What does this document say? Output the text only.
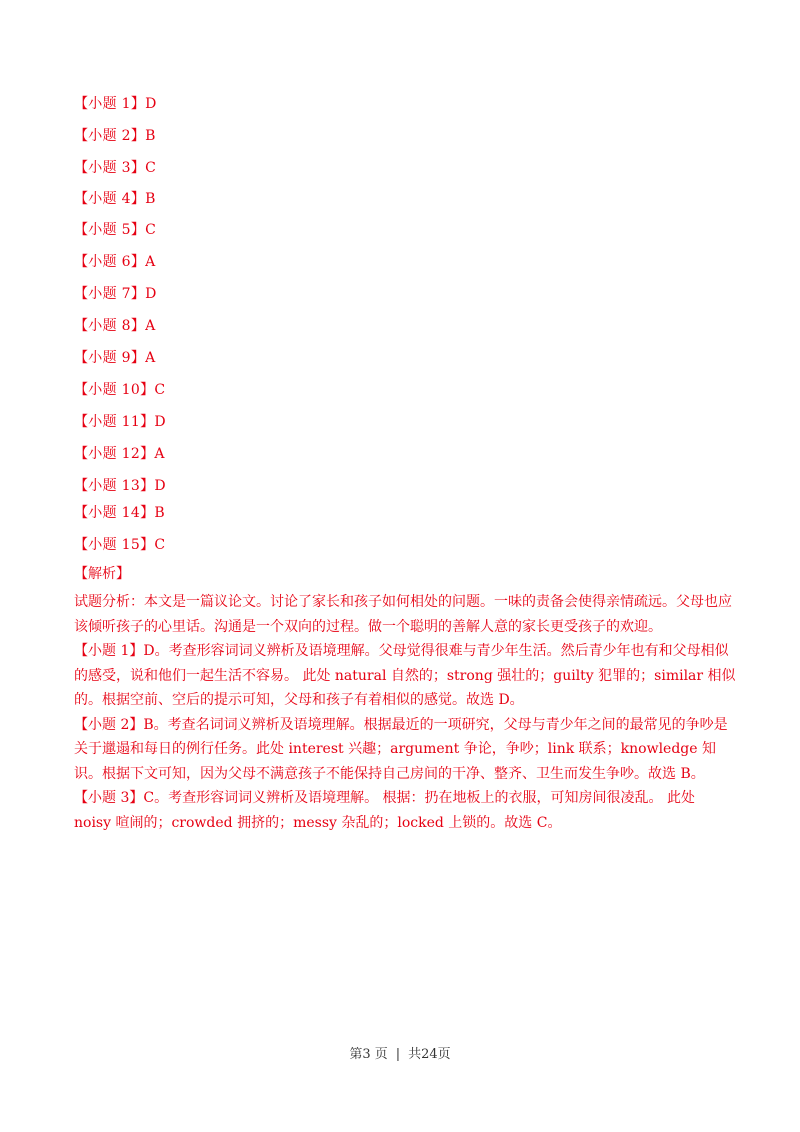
【小题 1】D
【小题 2】B
【小题 3】C
【小题 4】B
【小题 5】C
【小题 6】A
【小题 7】D
【小题 8】A
【小题 9】A
【小题 10】C
【小题 11】D
【小题 12】A
【小题 13】D
【小题 14】B
【小题 15】C
【解析】

试题分析：本文是一篇议论文。讨论了家长和孩子如何相处的问题。一味的责备会使得亲情疏远。父母也应该倾听孩子的心里话。沟通是一个双向的过程。做一个聪明的善解人意的家长更受孩子的欢迎。

【小题 1】D。考查形容词词义辨析及语境理解。父母觉得很难与青少年生活。然后青少年也有和父母相似的感受，说和他们一起生活不容易。 此处 natural 自然的；strong 强壮的；guilty 犯罪的；similar 相似的。根据空前、空后的提示可知，父母和孩子有着相似的感觉。故选 D。

【小题 2】B。考查名词词义辨析及语境理解。根据最近的一项研究，父母与青少年之间的最常见的争吵是关于邋遢和每日的例行任务。此处 interest 兴趣；argument 争论，争吵；link 联系；knowledge 知识。根据下文可知，因为父母不满意孩子不能保持自己房间的干净、整齐、卫生而发生争吵。故选 B。

【小题 3】C。考查形容词词义辨析及语境理解。 根据：扔在地板上的衣服，可知房间很凌乱。 此处 noisy 喧闹的；crowded 拥挤的；messy 杂乱的；locked 上锁的。故选 C。

第3 页 | 共24页
